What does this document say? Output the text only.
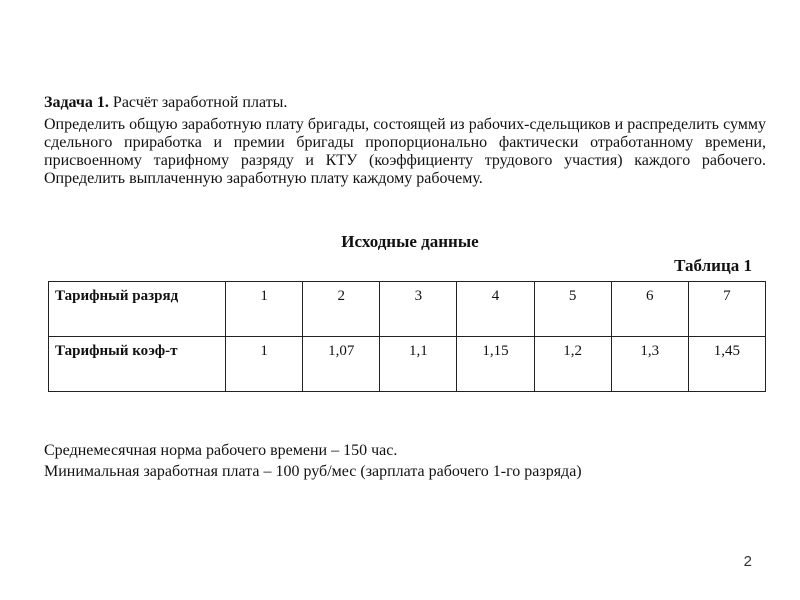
Задача 1. Расчёт заработной платы.
Определить общую заработную плату бригады, состоящей из рабочих-сдельщиков и распределить сумму сдельного приработка и премии бригады пропорционально фактически отработанному времени, присвоенному тарифному разряду и КТУ (коэффициенту трудового участия) каждого рабочего. Определить выплаченную заработную плату каждому рабочему.
Исходные данные
Таблица 1
Тарифный разряд	1	2	3	4	5	6	7
Тарифный коэф-т	1	1,07	1,1	1,15	1,2	1,3	1,45
Среднемесячная норма рабочего времени – 150 час.
Минимальная заработная плата – 100 руб/мес (зарплата рабочего 1-го разряда)
2
